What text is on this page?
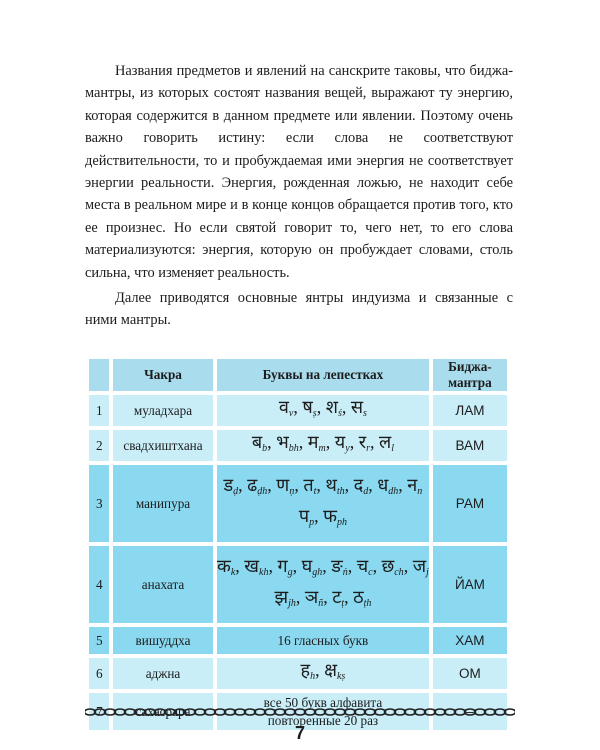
Названия предметов и явлений на санскрите таковы, что биджа-мантры, из которых состоят названия вещей, выражают ту энергию, которая содержится в данном предмете или явлении. Поэтому очень важно говорить истину: если слова не соответствуют действительности, то и пробуждаемая ими энергия не соответствует энергии реальности. Энергия, рожденная ложью, не находит себе места в реальном мире и в конце концов обращается против того, кто ее произнес. Но если святой говорит то, чего нет, то его слова материализуются: энергия, которую он пробуждает словами, столь сильна, что изменяет реальность.

Далее приводятся основные янтры индуизма и связанные с ними мантры.

	Чакра	Буквы на лепестках	Биджа-мантра
1	муладхара	व$_v$, ष$_ṣ$, श$_ś$, स$_s$	ЛАМ
2	свадхиштхана	ब$_b$, भ$_{bh}$, म$_m$, य$_y$, र$_r$, ल$_l$	ВАМ
3	манипура	ड$_ḍ$, ढ$_{ḍh}$, ण$_ṇ$, त$_t$, थ$_{th}$, द$_d$, ध$_{dh}$, न$_n$
प$_p$, फ$_{ph}$	РАМ
4	анахата	क$_k$, ख$_{kh}$, ग$_g$, घ$_{gh}$, ङ$_ṅ$, च$_c$, छ$_{ch}$, ज$_j$
झ$_{jh}$, ञ$_ñ$, ट$_ṭ$, ठ$_{ṭh}$	ЙАМ
5	вишуддха	16 гласных букв	ХАМ
6	аджна	ह$_h$, क्ष$_{kṣ}$	ОМ
7	сахасрара	все 50 букв алфавита
повторенные 20 раз	–
7
